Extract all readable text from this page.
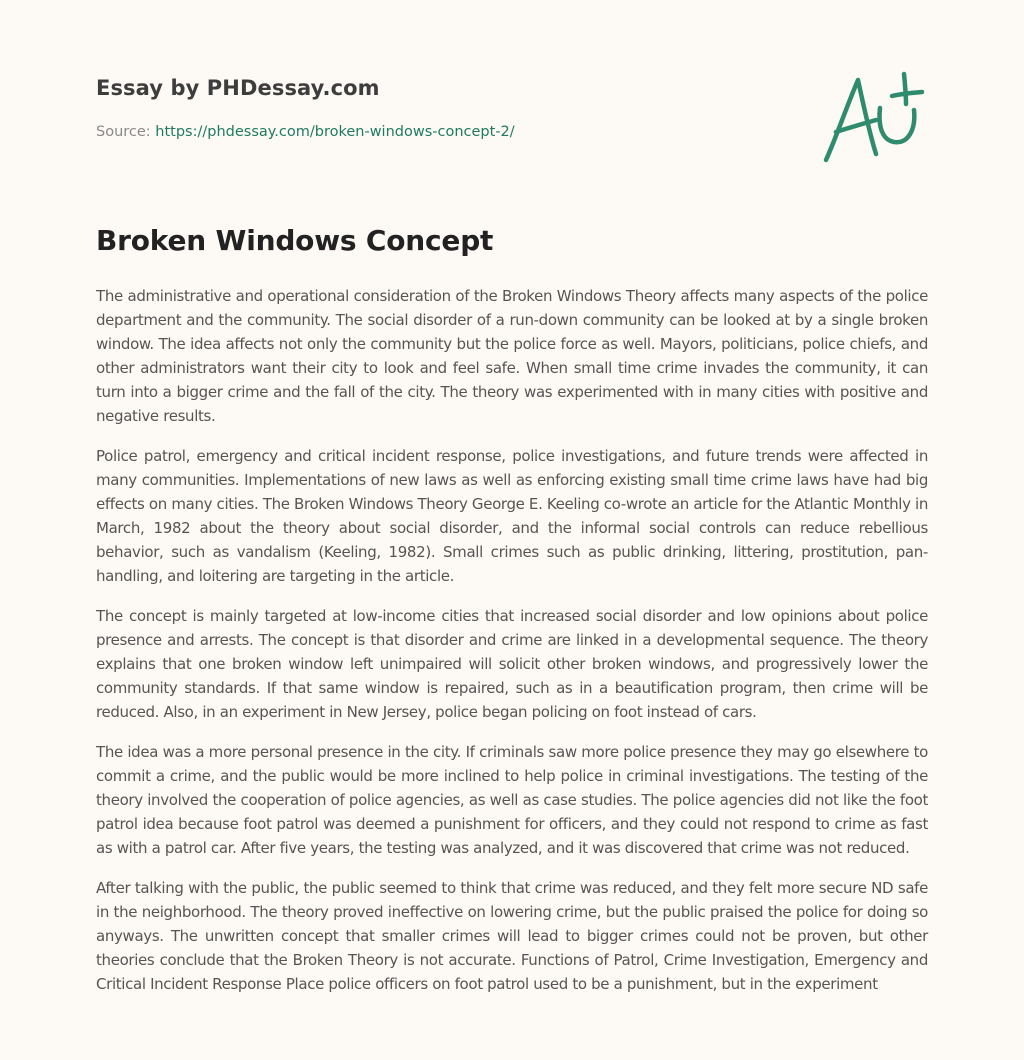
Essay by PHDessay.com
Source: https://phdessay.com/broken-windows-concept-2/
Broken Windows Concept

The administrative and operational consideration of the Broken Windows Theory affects many aspects of the police department and the community. The social disorder of a run-down community can be looked at by a single broken window. The idea affects not only the community but the police force as well. Mayors, politicians, police chiefs, and other administrators want their city to look and feel safe. When small time crime invades the community, it can turn into a bigger crime and the fall of the city. The theory was experimented with in many cities with positive and negative results.

Police patrol, emergency and critical incident response, police investigations, and future trends were affected in many communities. Implementations of new laws as well as enforcing existing small time crime laws have had big effects on many cities. The Broken Windows Theory George E. Keeling co-wrote an article for the Atlantic Monthly in March, 1982 about the theory about social disorder, and the informal social controls can reduce rebellious behavior, such as vandalism (Keeling, 1982). Small crimes such as public drinking, littering, prostitution, pan-handling, and loitering are targeting in the article.

The concept is mainly targeted at low-income cities that increased social disorder and low opinions about police presence and arrests. The concept is that disorder and crime are linked in a developmental sequence. The theory explains that one broken window left unimpaired will solicit other broken windows, and progressively lower the community standards. If that same window is repaired, such as in a beautification program, then crime will be reduced. Also, in an experiment in New Jersey, police began policing on foot instead of cars.

The idea was a more personal presence in the city. If criminals saw more police presence they may go elsewhere to commit a crime, and the public would be more inclined to help police in criminal investigations. The testing of the theory involved the cooperation of police agencies, as well as case studies. The police agencies did not like the foot patrol idea because foot patrol was deemed a punishment for officers, and they could not respond to crime as fast as with a patrol car. After five years, the testing was analyzed, and it was discovered that crime was not reduced.

After talking with the public, the public seemed to think that crime was reduced, and they felt more secure ND safe in the neighborhood. The theory proved ineffective on lowering crime, but the public praised the police for doing so anyways. The unwritten concept that smaller crimes will lead to bigger crimes could not be proven, but other theories conclude that the Broken Theory is not accurate. Functions of Patrol, Crime Investigation, Emergency and Critical Incident Response Place police officers on foot patrol used to be a punishment, but in the experiment
